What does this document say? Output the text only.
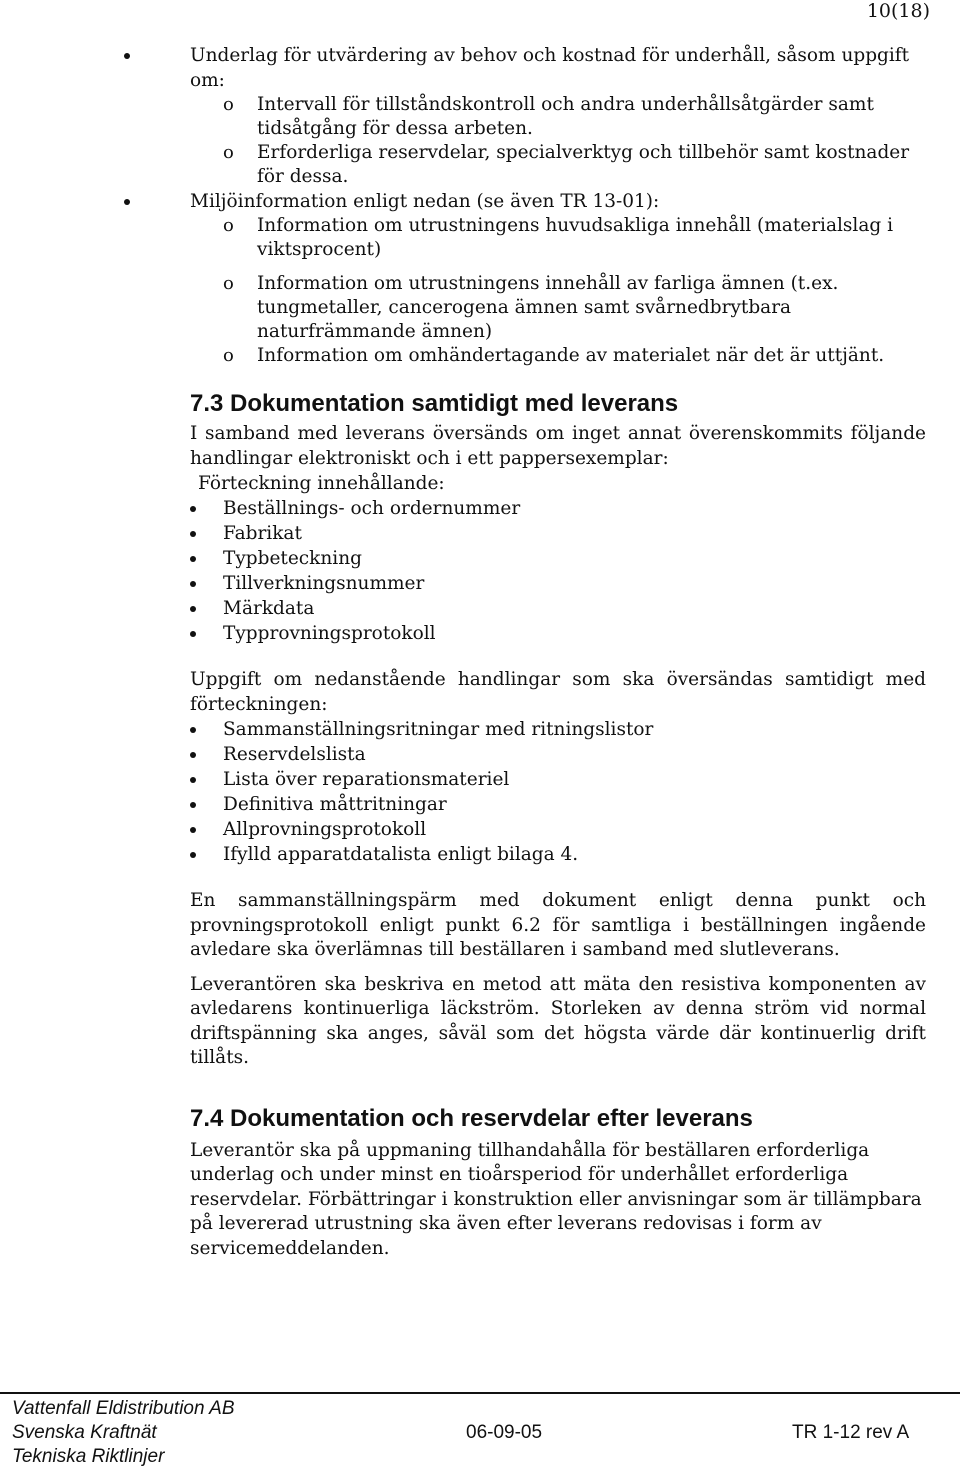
10(18)
Underlag för utvärdering av behov och kostnad för underhåll, såsom uppgift om:
o Intervall för tillståndskontroll och andra underhållsåtgärder samt tidsåtgång för dessa arbeten.
o Erforderliga reservdelar, specialverktyg och tillbehör samt kostnader för dessa.
Miljöinformation enligt nedan (se även TR 13-01):
o Information om utrustningens huvudsakliga innehåll (materialslag i viktsprocent)
o Information om utrustningens innehåll av farliga ämnen (t.ex. tungmetaller, cancerogena ämnen samt svårnedbrytbara naturfrämmande ämnen)
o Information om omhändertagande av materialet när det är uttjänt.
7.3 Dokumentation samtidigt med leverans

I samband med leverans översänds om inget annat överenskommits följande handlingar elektroniskt och i ett pappersexemplar:

Förteckning innehållande:
Beställnings- och ordernummer
Fabrikat
Typbeteckning
Tillverkningsnummer
Märkdata
Typprovningsprotokoll

Uppgift om nedanstående handlingar som ska översändas samtidigt med förteckningen:

Sammanställningsritningar med ritningslistor
Reservdelslista
Lista över reparationsmateriel
Definitiva måttritningar
Allprovningsprotokoll
Ifylld apparatdatalista enligt bilaga 4.

En sammanställningspärm med dokument enligt denna punkt och provningsprotokoll enligt punkt 6.2 för samtliga i beställningen ingående avledare ska överlämnas till beställaren i samband med slutleverans.

Leverantören ska beskriva en metod att mäta den resistiva komponenten av avledarens kontinuerliga läckström. Storleken av denna ström vid normal driftspänning ska anges, såväl som det högsta värde där kontinuerlig drift tillåts.

7.4 Dokumentation och reservdelar efter leverans

Leverantör ska på uppmaning tillhandahålla för beställaren erforderliga underlag och under minst en tioårsperiod för underhållet erforderliga reservdelar. Förbättringar i konstruktion eller anvisningar som är tillämpbara på levererad utrustning ska även efter leverans redovisas i form av servicemeddelanden.

Vattenfall Eldistribution AB
Svenska Kraftnät	06-09-05	TR 1-12 rev A
Tekniska Riktlinjer
